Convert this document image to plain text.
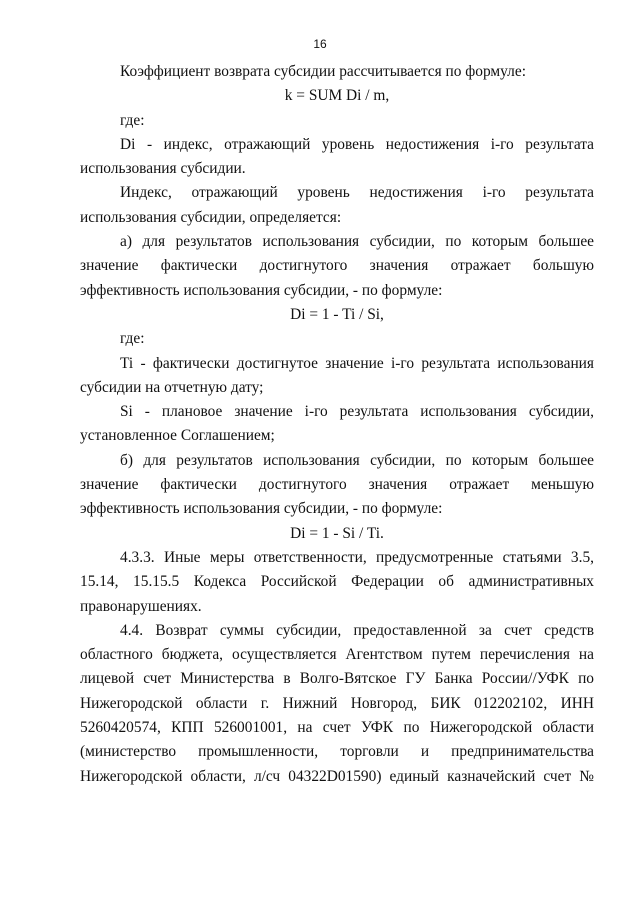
16

Коэффициент возврата субсидии рассчитывается по формуле:

k = SUM Di / m,

где:

Di - индекс, отражающий уровень недостижения i-го результата использования субсидии.

Индекс, отражающий уровень недостижения i-го результата использования субсидии, определяется:

а) для результатов использования субсидии, по которым большее значение фактически достигнутого значения отражает большую эффективность использования субсидии, - по формуле:

Di = 1 - Ti / Si,

где:

Ti - фактически достигнутое значение i-го результата использования субсидии на отчетную дату;

Si - плановое значение i-го результата использования субсидии, установленное Соглашением;

б) для результатов использования субсидии, по которым большее значение фактически достигнутого значения отражает меньшую эффективность использования субсидии, - по формуле:

Di = 1 - Si / Ti.

4.3.3. Иные меры ответственности, предусмотренные статьями 3.5, 15.14, 15.15.5 Кодекса Российской Федерации об административных правонарушениях.

4.4. Возврат суммы субсидии, предоставленной за счет средств областного бюджета, осуществляется Агентством путем перечисления на лицевой счет Министерства в Волго-Вятское ГУ Банка России//УФК по Нижегородской области г. Нижний Новгород, БИК 012202102, ИНН 5260420574, КПП 526001001, на счет УФК по Нижегородской области (министерство промышленности, торговли и предпринимательства Нижегородской области, л/сч 04322D01590) единый казначейский счет №
